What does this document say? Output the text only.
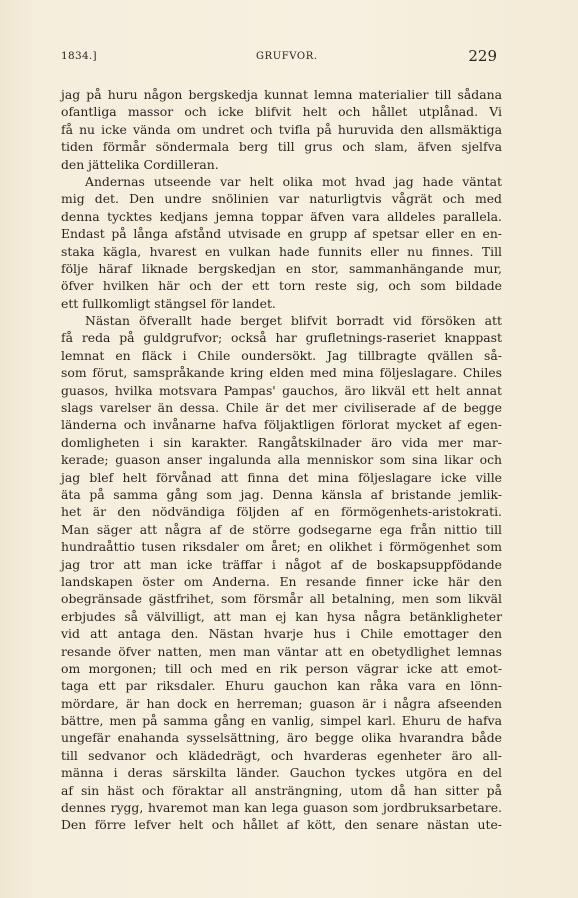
1834.]	GRUFVOR.	229
jag på huru någon bergskedja kunnat lemna materialier till sådana
ofantliga massor och icke blifvit helt och hållet utplånad. Vi
få nu icke vända om undret och tvifla på huruvida den allsmäktiga
tiden förmår söndermala berg till grus och slam, äfven sjelfva
den jättelika Cordilleran.
Andernas utseende var helt olika mot hvad jag hade väntat
mig det. Den undre snölinien var naturligtvis vågrät och med
denna tycktes kedjans jemna toppar äfven vara alldeles parallela.
Endast på långa afstånd utvisade en grupp af spetsar eller en en-
staka kägla, hvarest en vulkan hade funnits eller nu finnes. Till
följe häraf liknade bergskedjan en stor, sammanhängande mur,
öfver hvilken här och der ett torn reste sig, och som bildade
ett fullkomligt stängsel för landet.
Nästan öfverallt hade berget blifvit borradt vid försöken att
få reda på guldgrufvor; också har grufletnings-raseriet knappast
lemnat en fläck i Chile oundersökt. Jag tillbragte qvällen så-
som förut, samspråkande kring elden med mina följeslagare. Chiles
guasos, hvilka motsvara Pampas' gauchos, äro likväl ett helt annat
slags varelser än dessa. Chile är det mer civiliserade af de begge
länderna och invånarne hafva följaktligen förlorat mycket af egen-
domligheten i sin karakter. Rangåtskilnader äro vida mer mar-
kerade; guason anser ingalunda alla menniskor som sina likar och
jag blef helt förvånad att finna det mina följeslagare icke ville
äta på samma gång som jag. Denna känsla af bristande jemlik-
het är den nödvändiga följden af en förmögenhets-aristokrati.
Man säger att några af de större godsegarne ega från nittio till
hundraåttio tusen riksdaler om året; en olikhet i förmögenhet som
jag tror att man icke träffar i något af de boskapsuppfödande
landskapen öster om Anderna. En resande finner icke här den
obegränsade gästfrihet, som försmår all betalning, men som likväl
erbjudes så välvilligt, att man ej kan hysa några betänkligheter
vid att antaga den. Nästan hvarje hus i Chile emottager den
resande öfver natten, men man väntar att en obetydlighet lemnas
om morgonen; till och med en rik person vägrar icke att emot-
taga ett par riksdaler. Ehuru gauchon kan råka vara en lönn-
mördare, är han dock en herreman; guason är i några afseenden
bättre, men på samma gång en vanlig, simpel karl. Ehuru de hafva
ungefär enahanda sysselsättning, äro begge olika hvarandra både
till sedvanor och klädedrägt, och hvarderas egenheter äro all-
männa i deras särskilta länder. Gauchon tyckes utgöra en del
af sin häst och föraktar all ansträngning, utom då han sitter på
dennes rygg, hvaremot man kan lega guason som jordbruksarbetare.
Den förre lefver helt och hållet af kött, den senare nästan ute-
